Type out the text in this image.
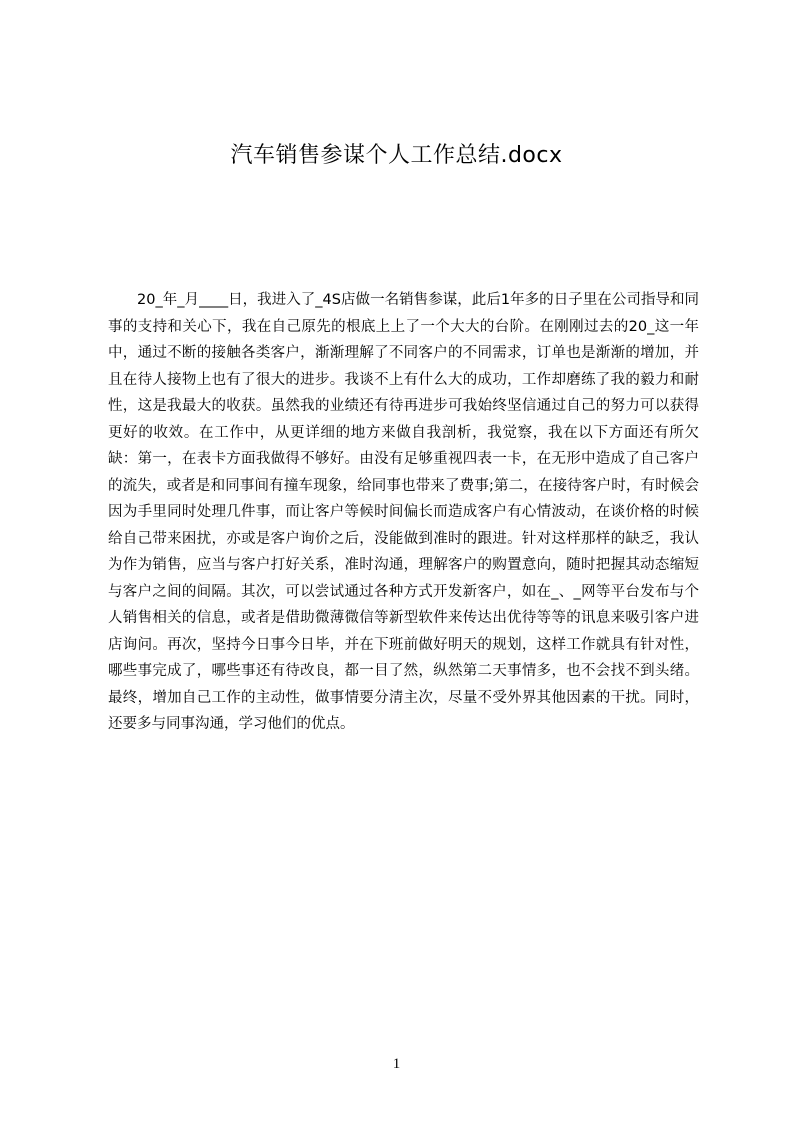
汽车销售参谋个人工作总结.docx

20_年_月____日，我进入了_4S店做一名销售参谋，此后1年多的日子里在公司指导和同事的支持和关心下，我在自己原先的根底上上了一个大大的台阶。在刚刚过去的20_这一年中，通过不断的接触各类客户，渐渐理解了不同客户的不同需求，订单也是渐渐的增加，并且在待人接物上也有了很大的进步。我谈不上有什么大的成功，工作却磨练了我的毅力和耐性，这是我最大的收获。虽然我的业绩还有待再进步可我始终坚信通过自己的努力可以获得更好的收效。在工作中，从更详细的地方来做自我剖析，我觉察，我在以下方面还有所欠缺：第一，在表卡方面我做得不够好。由没有足够重视四表一卡，在无形中造成了自己客户的流失，或者是和同事间有撞车现象，给同事也带来了费事;第二，在接待客户时，有时候会因为手里同时处理几件事，而让客户等候时间偏长而造成客户有心情波动，在谈价格的时候给自己带来困扰，亦或是客户询价之后，没能做到准时的跟进。针对这样那样的缺乏，我认为作为销售，应当与客户打好关系，准时沟通，理解客户的购置意向，随时把握其动态缩短与客户之间的间隔。其次，可以尝试通过各种方式开发新客户，如在_、_网等平台发布与个人销售相关的信息，或者是借助微薄微信等新型软件来传达出优待等等的讯息来吸引客户进店询问。再次，坚持今日事今日毕，并在下班前做好明天的规划，这样工作就具有针对性，哪些事完成了，哪些事还有待改良，都一目了然，纵然第二天事情多，也不会找不到头绪。最终，增加自己工作的主动性，做事情要分清主次，尽量不受外界其他因素的干扰。同时，还要多与同事沟通，学习他们的优点。

1
